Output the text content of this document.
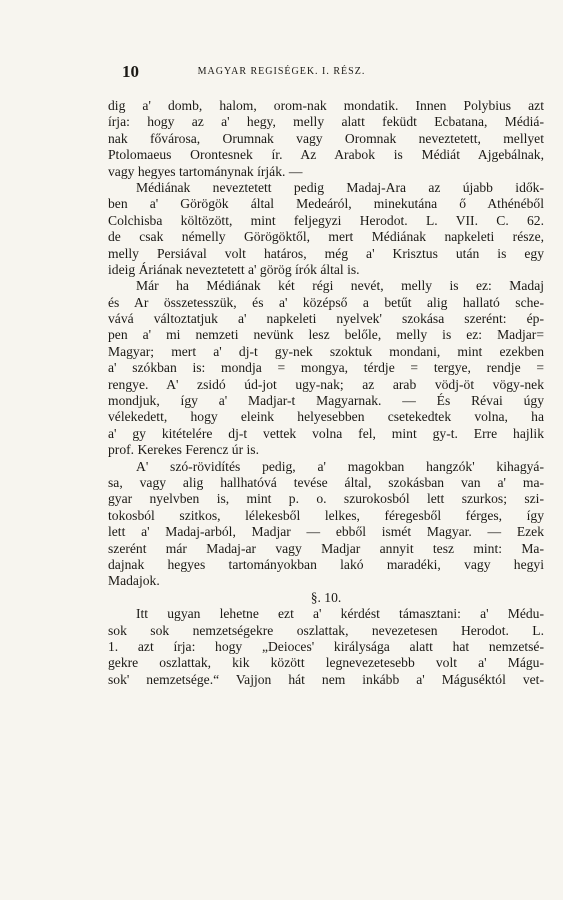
10	MAGYAR REGISÉGEK. I. RÉSZ.
dig a' domb, halom, orom-nak mondatik. Innen Polybius azt
írja: hogy az a' hegy, melly alatt feküdt Ecbatana, Médiá-
nak fővárosa, Orumnak vagy Oromnak neveztetett, mellyet
Ptolomaeus Orontesnek ír. Az Arabok is Médiát Ajgebálnak,
vagy hegyes tartománynak írják. —
Médiának neveztetett pedig Madaj-Ara az újabb idők-
ben a' Görögök által Medeáról, minekutána ő Athénéből
Colchisba költözött, mint feljegyzi Herodot. L. VII. C. 62.
de csak némelly Görögöktől, mert Médiának napkeleti része,
melly Persiával volt határos, még a' Krisztus után is egy
ideig Áriának neveztetett a' görög írók által is.
Már ha Médiának két régi nevét, melly is ez: Madaj
és Ar összetesszük, és a' középső a betűt alig hallató sche-
vává változtatjuk a' napkeleti nyelvek' szokása szerént: ép-
pen a' mi nemzeti nevünk lesz belőle, melly is ez: Madjar=
Magyar; mert a' dj-t gy-nek szoktuk mondani, mint ezekben
a' szókban is: mondja = mongya, térdje = tergye, rendje =
rengye. A' zsidó úd-jot ugy-nak; az arab vödj-öt vögy-nek
mondjuk, így a' Madjar-t Magyarnak. — És Révai úgy
vélekedett, hogy eleink helyesebben csetekedtek volna, ha
a' gy kitételére dj-t vettek volna fel, mint gy-t. Erre hajlik
prof. Kerekes Ferencz úr is.
A' szó-rövidítés pedig, a' magokban hangzók' kihagyá-
sa, vagy alig hallhatóvá tevése által, szokásban van a' ma-
gyar nyelvben is, mint p. o. szurokosból lett szurkos; szi-
tokosból szitkos, lélekesből lelkes, féregesből férges, így
lett a' Madaj-arból, Madjar — ebből ismét Magyar. — Ezek
szerént már Madaj-ar vagy Madjar annyit tesz mint: Ma-
dajnak hegyes tartományokban lakó maradéki, vagy hegyi
Madajok.
§. 10.
Itt ugyan lehetne ezt a' kérdést támasztani: a' Médu-
sok sok nemzetségekre oszlattak, nevezetesen Herodot. L.
1. azt írja: hogy „Deioces' királysága alatt hat nemzetsé-
gekre oszlattak, kik között legnevezetesebb volt a' Mágu-
sok' nemzetsége.“ Vajjon hát nem inkább a' Máguséktól vet-
